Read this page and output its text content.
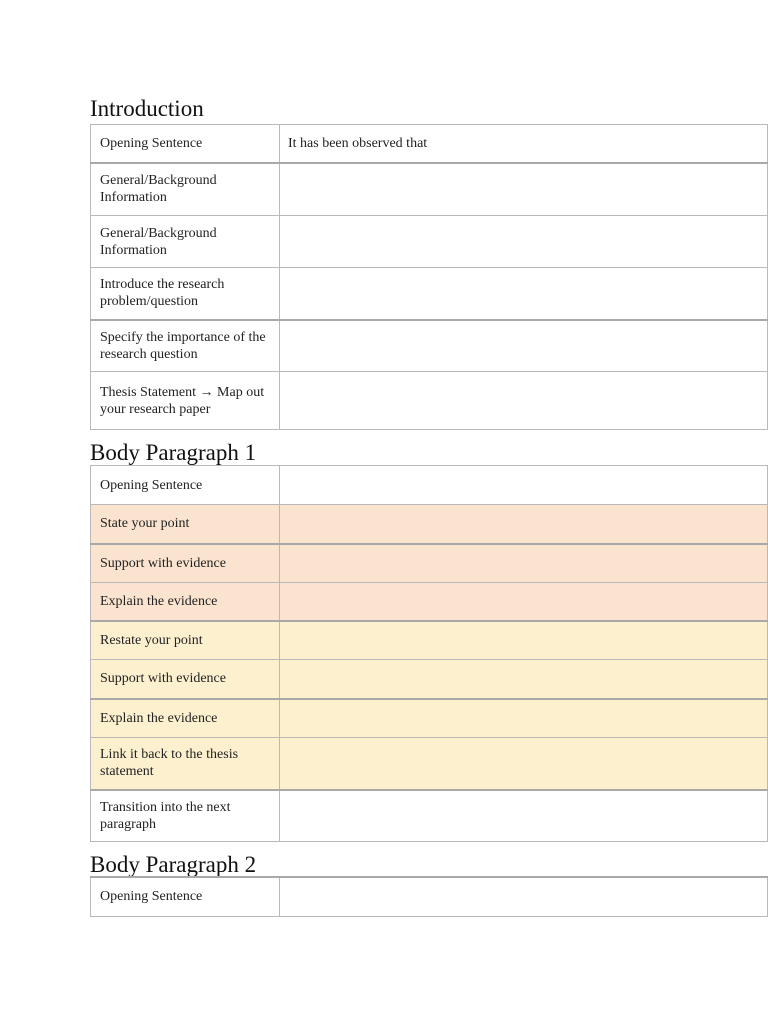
Introduction
Opening Sentence	It has been observed that
General/Background Information	
General/Background Information	
Introduce the research problem/question	
Specify the importance of the research question	
Thesis Statement → Map out your research paper	
Body Paragraph 1
Opening Sentence	
State your point	
Support with evidence	
Explain the evidence	
Restate your point	
Support with evidence	
Explain the evidence	
Link it back to the thesis statement	
Transition into the next paragraph	
Body Paragraph 2
Opening Sentence	
